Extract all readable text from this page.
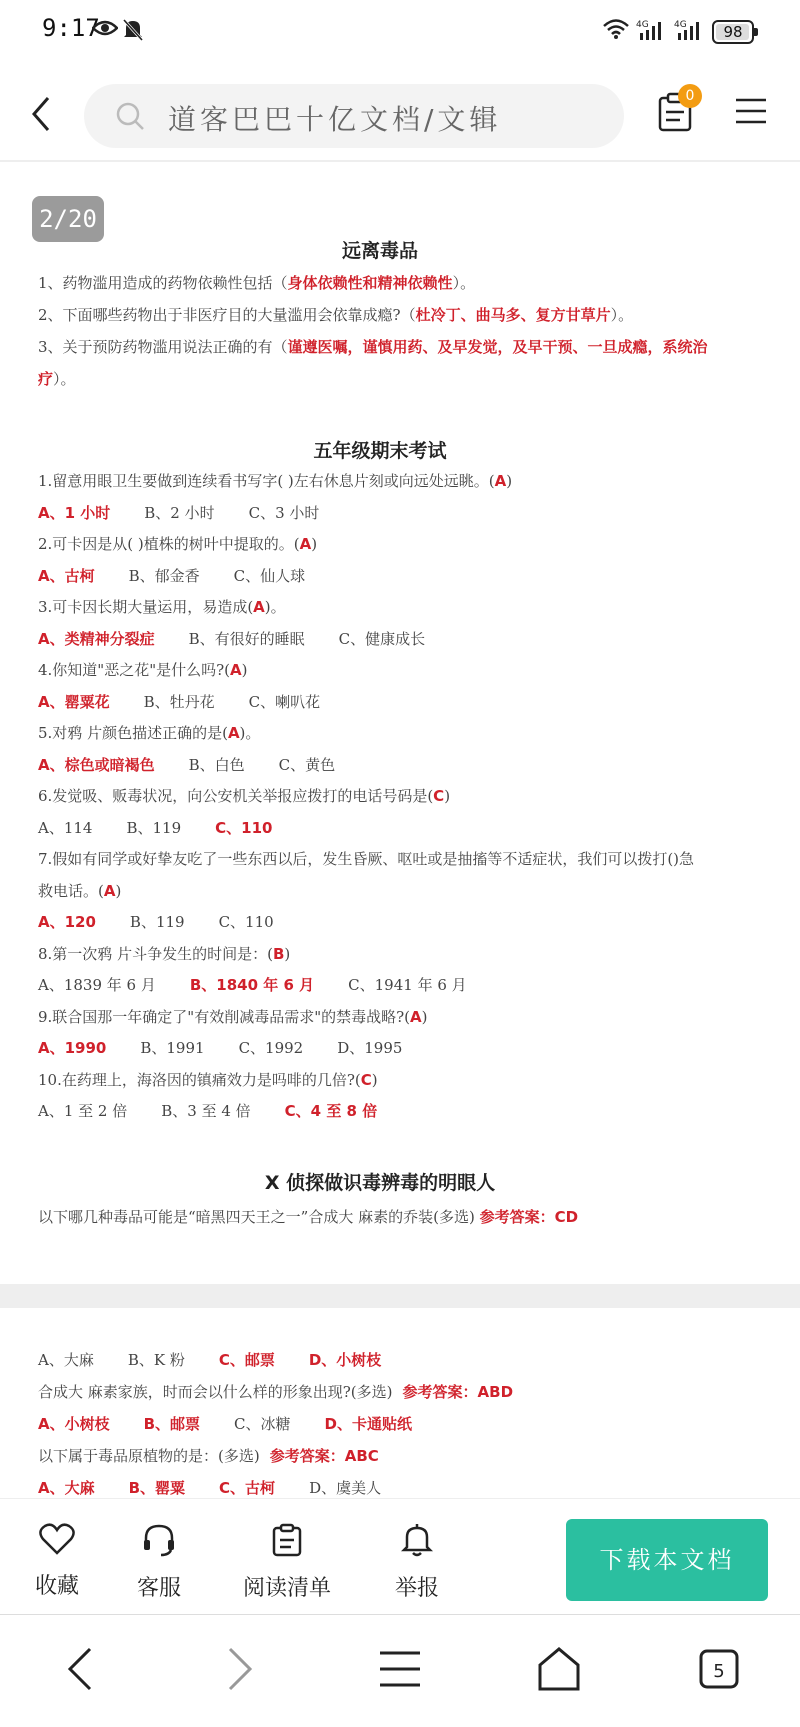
9:17	4G	4G	98
道客巴巴十亿文档/文辑
0
2/20
远离毒品
1、药物滥用造成的药物依赖性包括（身体依赖性和精神依赖性）。
2、下面哪些药物出于非医疗目的大量滥用会依靠成瘾?（杜冷丁、曲马多、复方甘草片）。
3、关于预防药物滥用说法正确的有（谨遵医嘱，谨慎用药、及早发觉，及早干预、一旦成瘾，系统治
疗）。
五年级期末考试
1.留意用眼卫生要做到连续看书写字( )左右休息片刻或向远处远眺。(A)
A、1 小时 B、2 小时 C、3 小时
2.可卡因是从( )植株的树叶中提取的。(A)
A、古柯 B、郁金香 C、仙人球
3.可卡因长期大量运用，易造成(A)。
A、类精神分裂症 B、有很好的睡眠 C、健康成长
4.你知道"恶之花"是什么吗?(A)
A、罂粟花 B、牡丹花 C、喇叭花
5.对鸦 片颜色描述正确的是(A)。
A、棕色或暗褐色 B、白色 C、黄色
6.发觉吸、贩毒状况，向公安机关举报应拨打的电话号码是(C)
A、114 B、119 C、110
7.假如有同学或好挚友吃了一些东西以后，发生昏厥、呕吐或是抽搐等不适症状，我们可以拨打()急
救电话。(A)
A、120 B、119 C、110
8.第一次鸦 片斗争发生的时间是：(B)
A、1839 年 6 月 B、1840 年 6 月 C、1941 年 6 月
9.联合国那一年确定了"有效削减毒品需求"的禁毒战略?(A)
A、1990 B、1991 C、1992 D、1995
10.在药理上，海洛因的镇痛效力是吗啡的几倍?(C)
A、1 至 2 倍 B、3 至 4 倍 C、4 至 8 倍
X 侦探做识毒辨毒的明眼人
以下哪几种毒品可能是“暗黑四天王之一”合成大 麻素的乔装(多选) 参考答案：CD
A、大麻 B、K 粉 C、邮票 D、小树枝
合成大 麻素家族，时而会以什么样的形象出现?(多选) 参考答案：ABD
A、小树枝 B、邮票 C、冰糖 D、卡通贴纸
以下属于毒品原植物的是：(多选) 参考答案：ABC
A、大麻 B、罂粟 C、古柯 D、虞美人
收藏	客服	阅读清单	举报
下载本文档
5
